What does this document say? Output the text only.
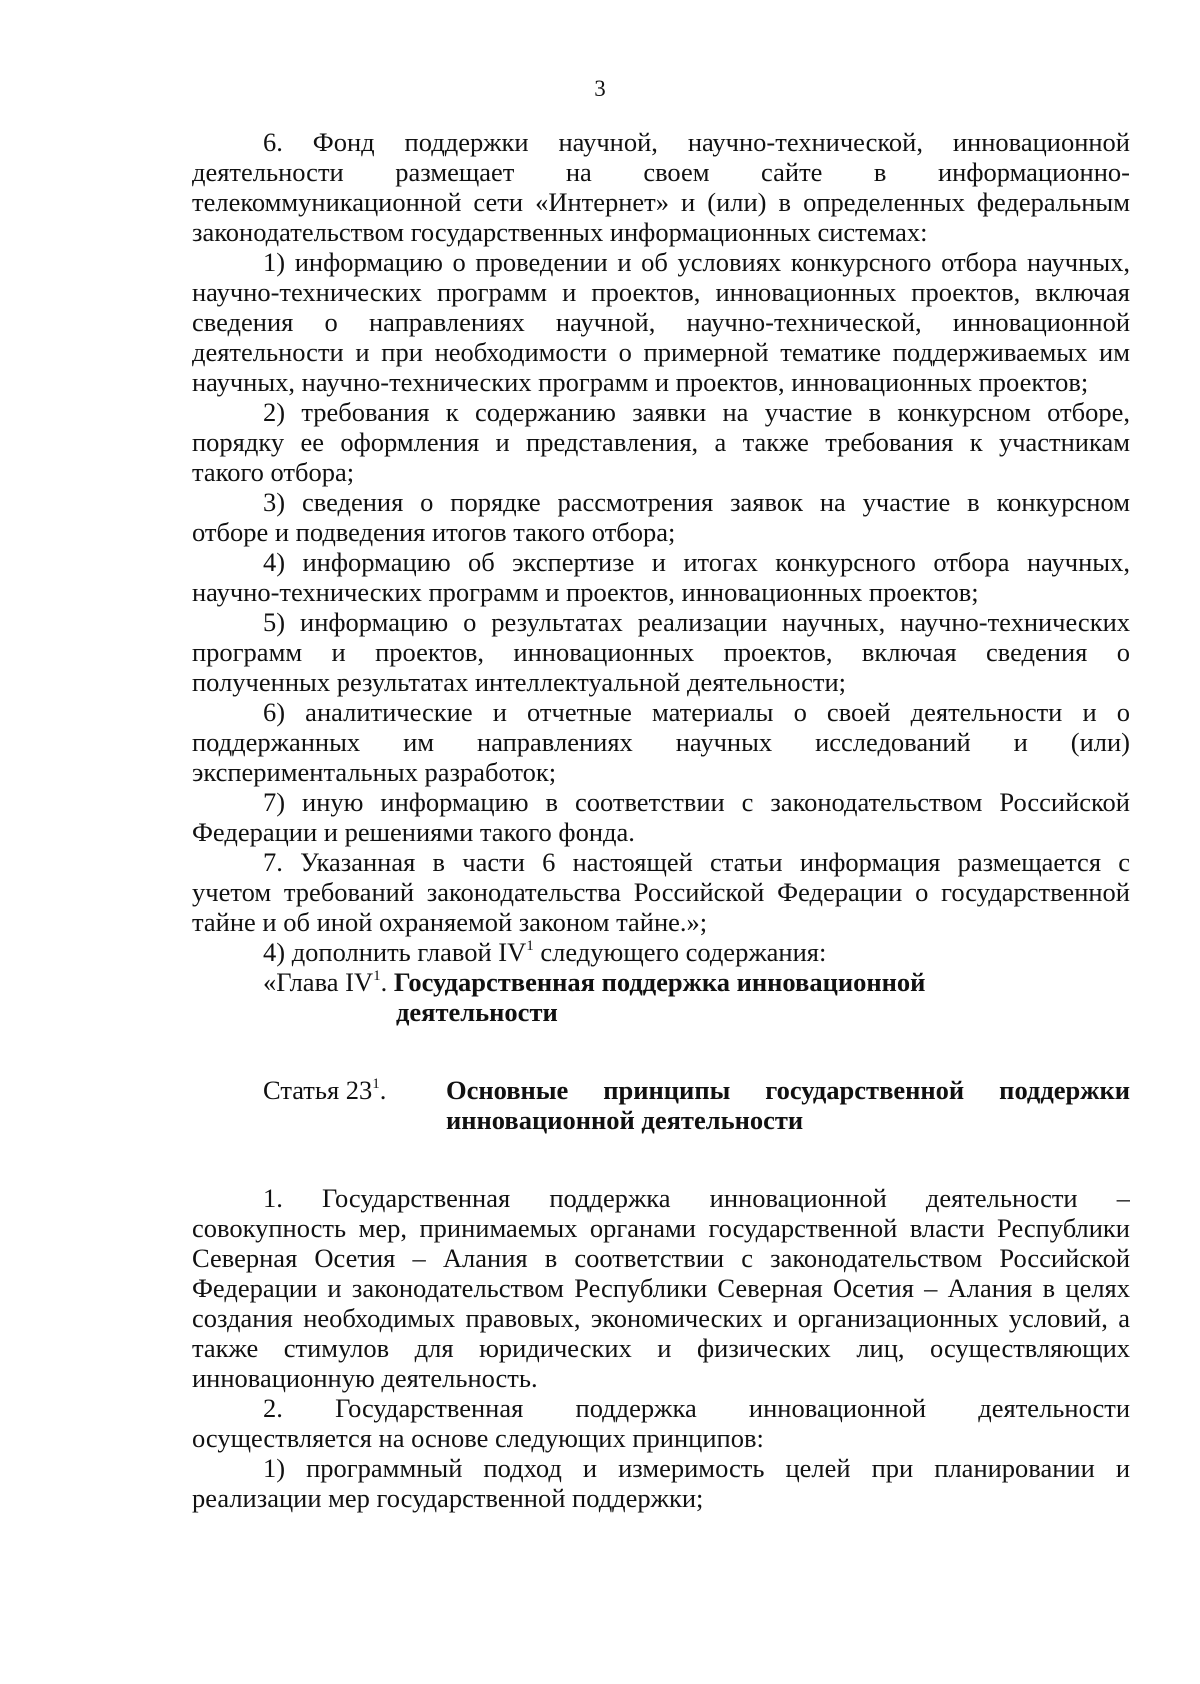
3
6. Фонд поддержки научной, научно-технической, инновационной
деятельности размещает на своем сайте в информационно-
телекоммуникационной сети «Интернет» и (или) в определенных федеральным
законодательством государственных информационных системах:
1) информацию о проведении и об условиях конкурсного отбора научных,
научно-технических программ и проектов, инновационных проектов, включая
сведения о направлениях научной, научно-технической, инновационной
деятельности и при необходимости о примерной тематике поддерживаемых им
научных, научно-технических программ и проектов, инновационных проектов;
2) требования к содержанию заявки на участие в конкурсном отборе,
порядку ее оформления и представления, а также требования к участникам
такого отбора;
3) сведения о порядке рассмотрения заявок на участие в конкурсном
отборе и подведения итогов такого отбора;
4) информацию об экспертизе и итогах конкурсного отбора научных,
научно-технических программ и проектов, инновационных проектов;
5) информацию о результатах реализации научных, научно-технических
программ и проектов, инновационных проектов, включая сведения о
полученных результатах интеллектуальной деятельности;
6) аналитические и отчетные материалы о своей деятельности и о
поддержанных им направлениях научных исследований и (или)
экспериментальных разработок;
7) иную информацию в соответствии с законодательством Российской
Федерации и решениями такого фонда.
7. Указанная в части 6 настоящей статьи информация размещается с
учетом требований законодательства Российской Федерации о государственной
тайне и об иной охраняемой законом тайне.»;
4) дополнить главой $IV^1$ следующего содержания:
«Глава $IV^1$. Государственная поддержка инновационной
деятельности
Статья $23^1$.	Основные принципы государственной поддержки
инновационной деятельности
1. Государственная поддержка инновационной деятельности –
совокупность мер, принимаемых органами государственной власти Республики
Северная Осетия – Алания в соответствии с законодательством Российской
Федерации и законодательством Республики Северная Осетия – Алания в целях
создания необходимых правовых, экономических и организационных условий, а
также стимулов для юридических и физических лиц, осуществляющих
инновационную деятельность.
2. Государственная поддержка инновационной деятельности
осуществляется на основе следующих принципов:
1) программный подход и измеримость целей при планировании и
реализации мер государственной поддержки;
